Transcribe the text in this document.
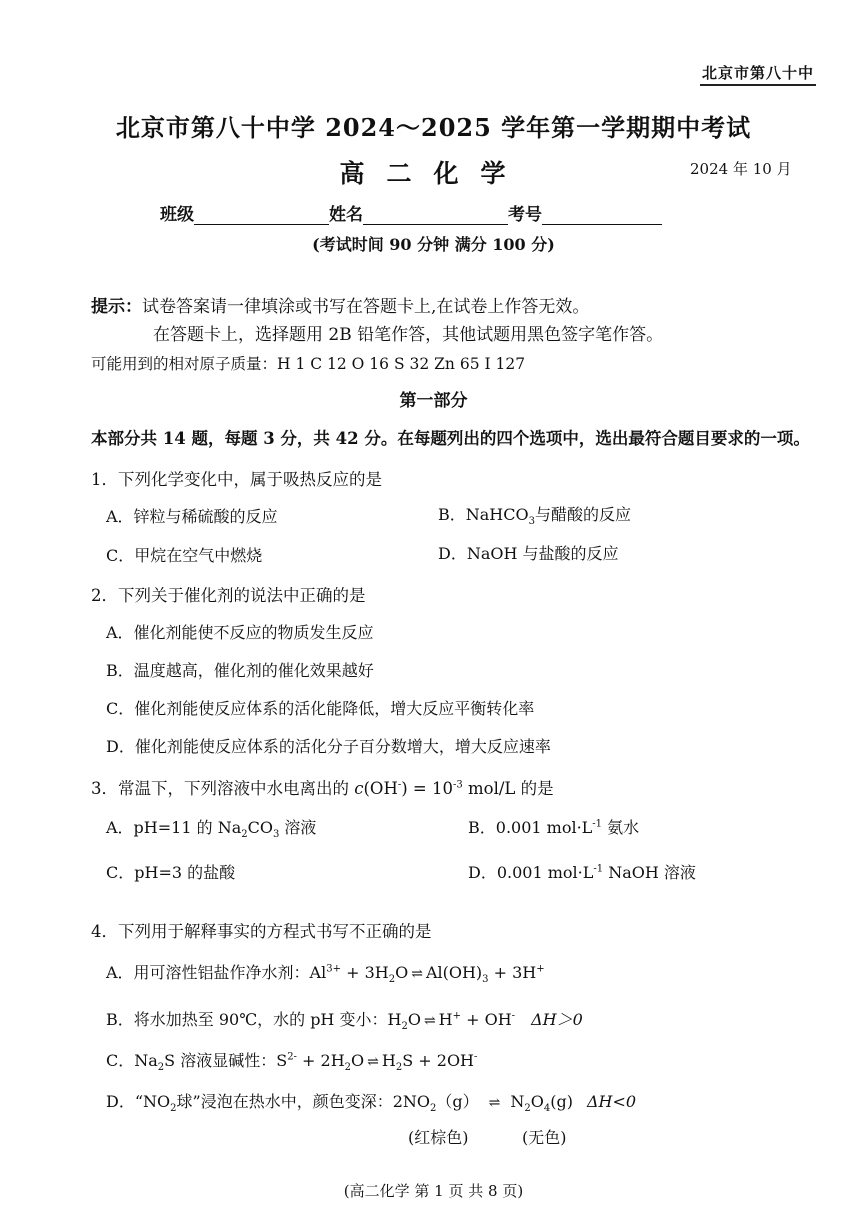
北京市第八十中
北京市第八十中学 2024～2025 学年第一学期期中考试
高二化学	2024 年 10 月
班级	姓名	考号
(考试时间 90 分钟 满分 100 分)
提示：试卷答案请一律填涂或书写在答题卡上,在试卷上作答无效。
在答题卡上，选择题用 2B 铅笔作答，其他试题用黑色签字笔作答。
可能用到的相对原子质量：H 1 C 12 O 16 S 32 Zn 65 I 127
第一部分
本部分共 14 题，每题 3 分，共 42 分。在每题列出的四个选项中，选出最符合题目要求的一项。
1．下列化学变化中，属于吸热反应的是
A．锌粒与稀硫酸的反应	B．NaHCO$_3$与醋酸的反应
C．甲烷在空气中燃烧	D．NaOH 与盐酸的反应
2．下列关于催化剂的说法中正确的是
A．催化剂能使不反应的物质发生反应
B．温度越高，催化剂的催化效果越好
C．催化剂能使反应体系的活化能降低，增大反应平衡转化率
D．催化剂能使反应体系的活化分子百分数增大，增大反应速率
3．常温下，下列溶液中水电离出的 $c(OH^-) = 10^{-3}$ mol/L 的是
A．pH=11 的 $Na_2CO_3$ 溶液	B．0.001 $mol\cdot L^{-1}$ 氨水
C．pH=3 的盐酸	D．0.001 $mol\cdot L^{-1}$ NaOH 溶液
4．下列用于解释事实的方程式书写不正确的是
A．用可溶性铝盐作净水剂：$Al^{3+} + 3H_2O$ ⇌ $Al(OH)_3 + 3H^+$
B．将水加热至 90℃，水的 pH 变小：$H_2O$ ⇌ H+ + OH- ΔH＞0
C．$Na_2S$ 溶液显碱性：$S^{2-} + 2H_2O$ ⇌ $H_2S + 2OH^-$
D．“$NO_2$球”浸泡在热水中，颜色变深：$2NO_2(g)$ ⇌ $N_2O_4(g)$ ΔH<0
(红棕色)	(无色)
(高二化学 第 1 页 共 8 页)
